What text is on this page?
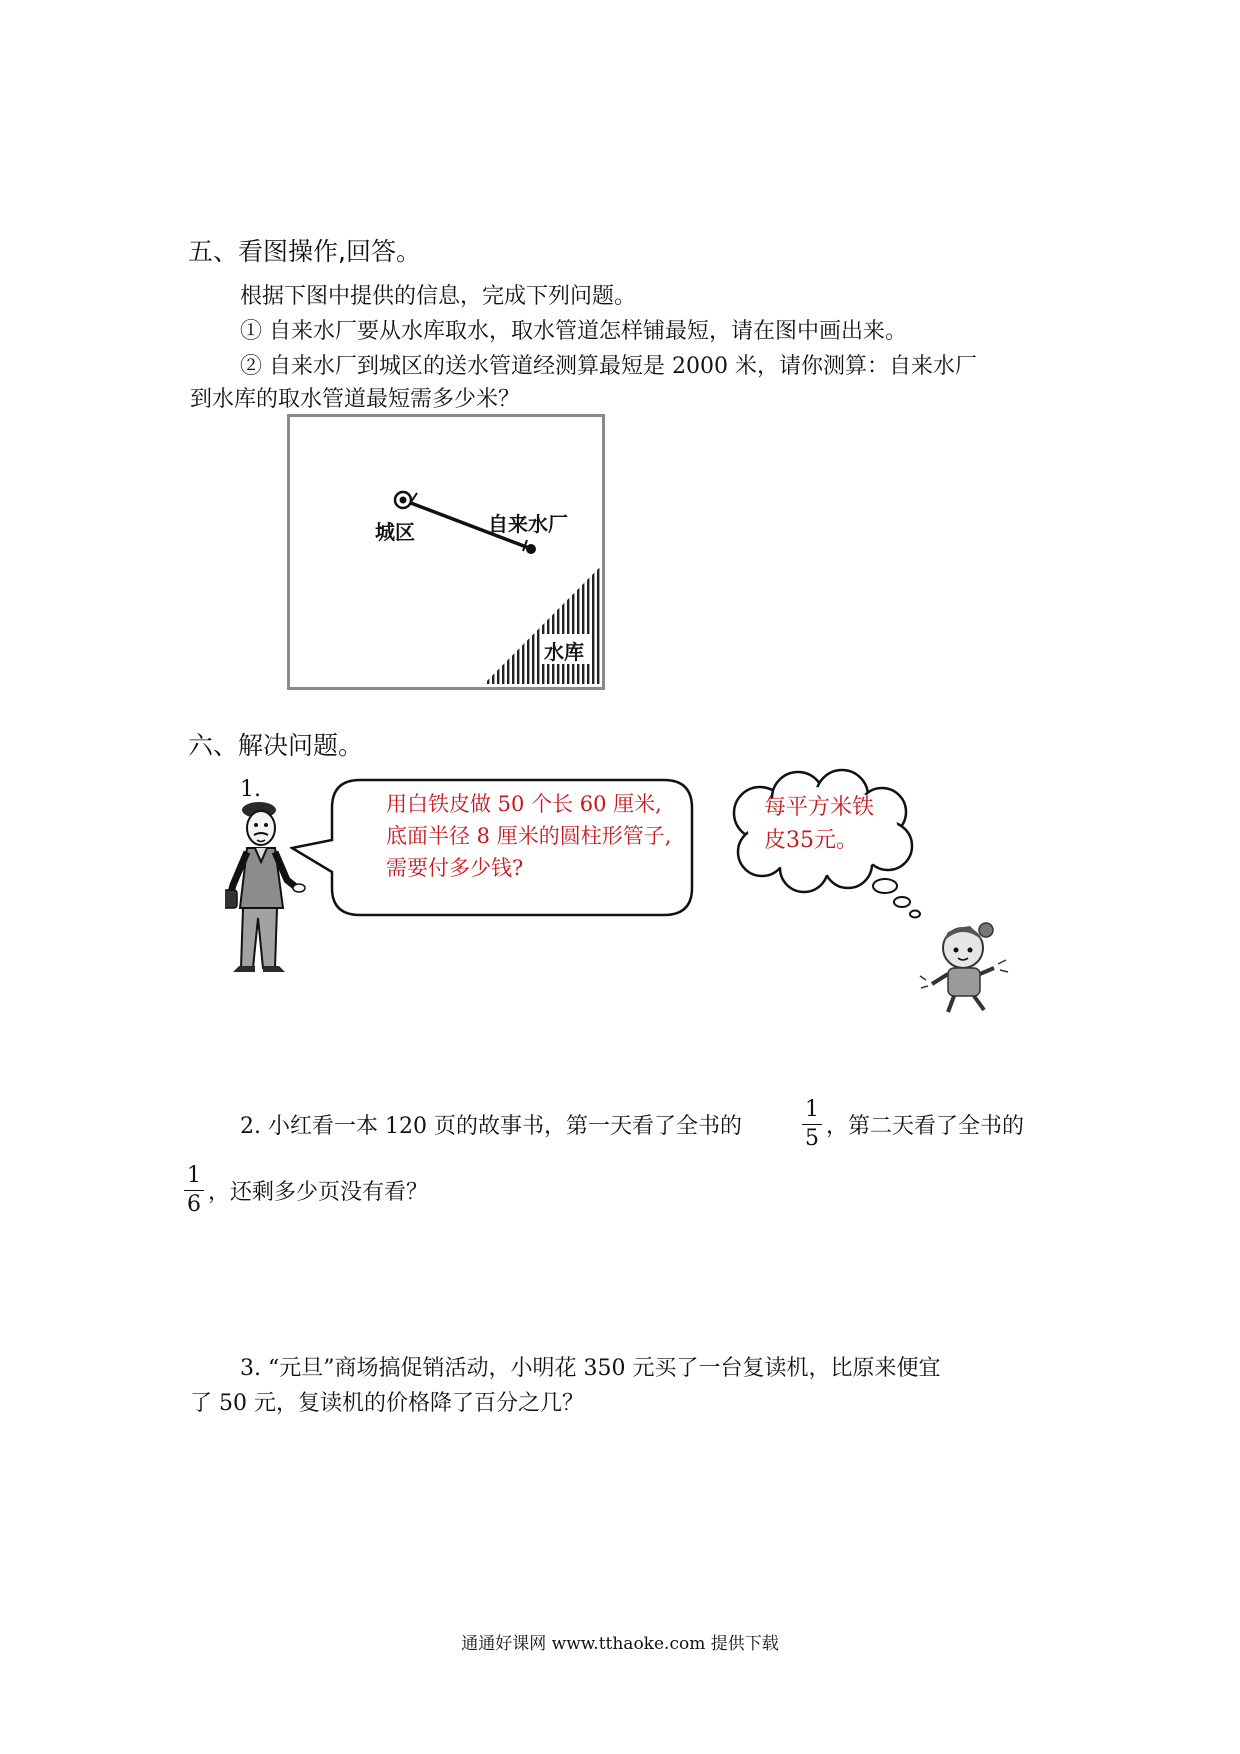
五、看图操作,回答。
根据下图中提供的信息，完成下列问题。
① 自来水厂要从水库取水，取水管道怎样铺最短，请在图中画出来。
② 自来水厂到城区的送水管道经测算最短是 2000 米，请你测算：自来水厂
到水库的取水管道最短需多少米？
城区	自来水厂
水库
六、解决问题。
1.
用白铁皮做 50 个长 60 厘米,
底面半径 8 厘米的圆柱形管子,
需要付多少钱?
每平方米铁
皮35元。
2. 小红看一本 120 页的故事书，第一天看了全书的
1
5 ，第二天看了全书的
1
6 ，还剩多少页没有看？
3. “元旦”商场搞促销活动，小明花 350 元买了一台复读机，比原来便宜
了 50 元，复读机的价格降了百分之几？
通通好课网 www.tthaoke.com 提供下载
